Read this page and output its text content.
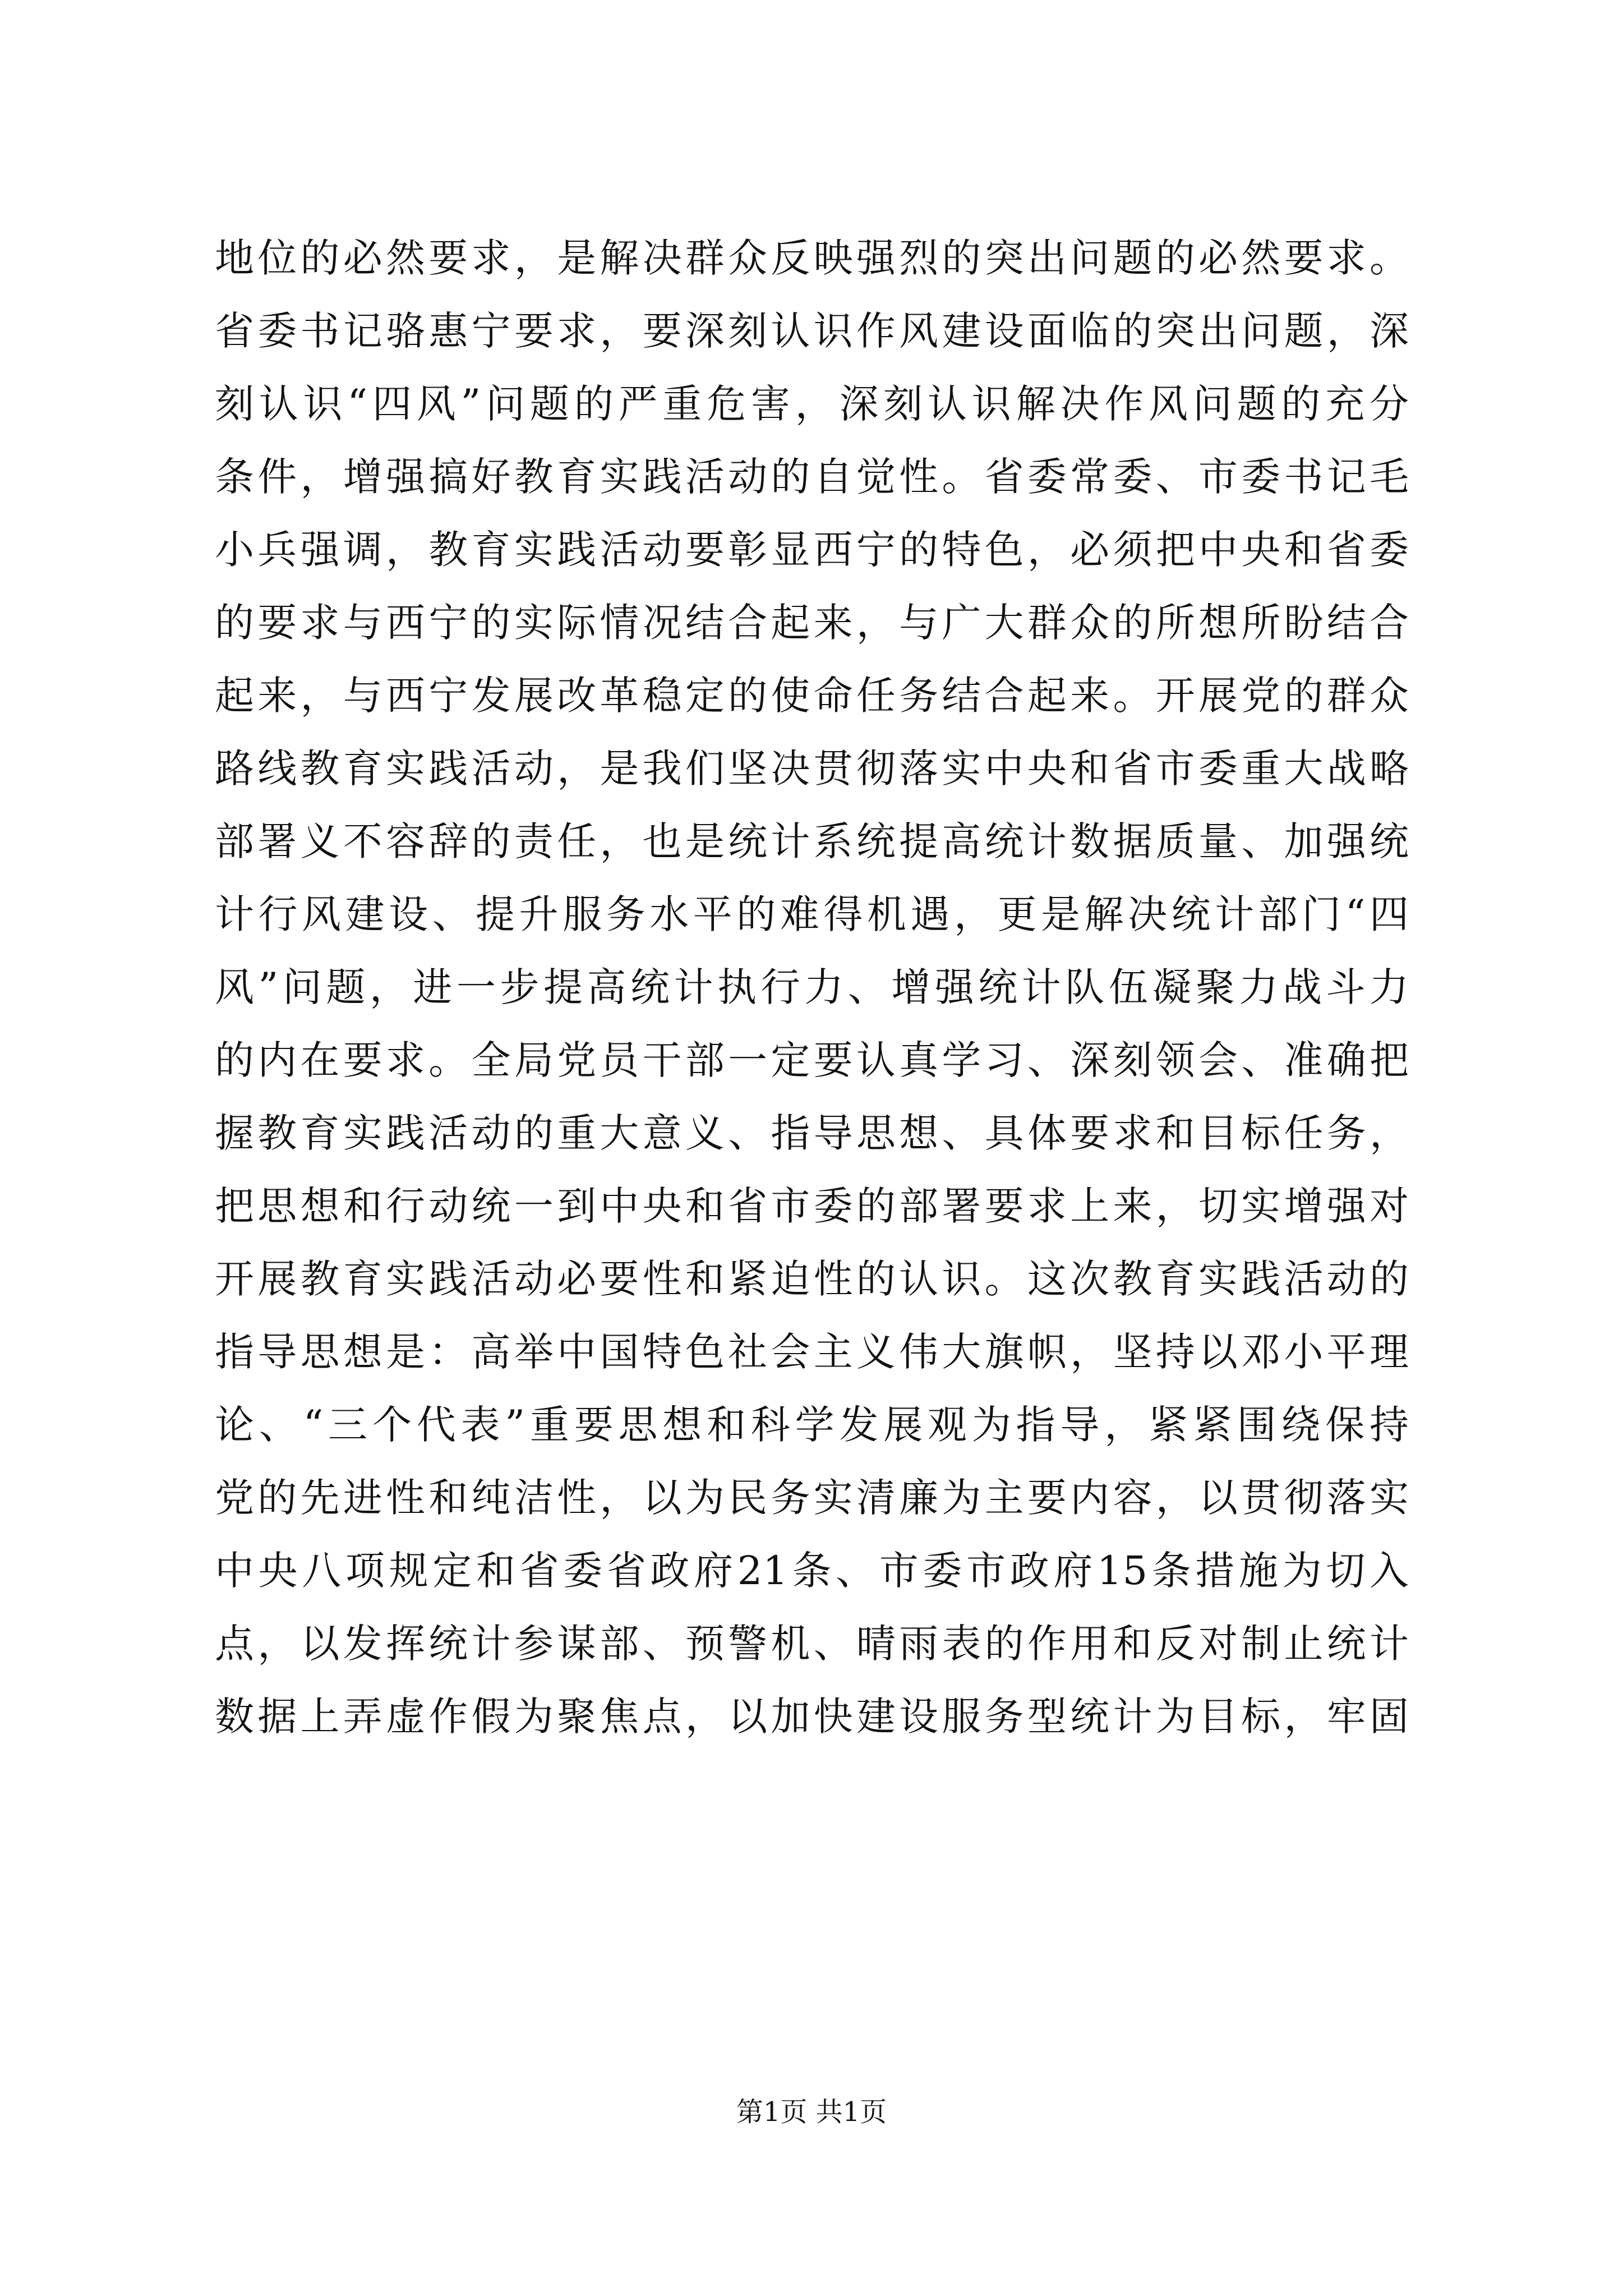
地位的必然要求，是解决群众反映强烈的突出问题的必然要求。
省委书记骆惠宁要求，要深刻认识作风建设面临的突出问题，深
刻认识“四风”问题的严重危害，深刻认识解决作风问题的充分
条件，增强搞好教育实践活动的自觉性。省委常委、市委书记毛
小兵强调，教育实践活动要彰显西宁的特色，必须把中央和省委
的要求与西宁的实际情况结合起来，与广大群众的所想所盼结合
起来，与西宁发展改革稳定的使命任务结合起来。开展党的群众
路线教育实践活动，是我们坚决贯彻落实中央和省市委重大战略
部署义不容辞的责任，也是统计系统提高统计数据质量、加强统
计行风建设、提升服务水平的难得机遇，更是解决统计部门“四
风”问题，进一步提高统计执行力、增强统计队伍凝聚力战斗力
的内在要求。全局党员干部一定要认真学习、深刻领会、准确把
握教育实践活动的重大意义、指导思想、具体要求和目标任务，
把思想和行动统一到中央和省市委的部署要求上来，切实增强对
开展教育实践活动必要性和紧迫性的认识。这次教育实践活动的
指导思想是：高举中国特色社会主义伟大旗帜，坚持以邓小平理
论、“三个代表”重要思想和科学发展观为指导，紧紧围绕保持
党的先进性和纯洁性，以为民务实清廉为主要内容，以贯彻落实
中央八项规定和省委省政府21条、市委市政府15条措施为切入
点，以发挥统计参谋部、预警机、晴雨表的作用和反对制止统计
数据上弄虚作假为聚焦点，以加快建设服务型统计为目标，牢固
第1页 共1页
